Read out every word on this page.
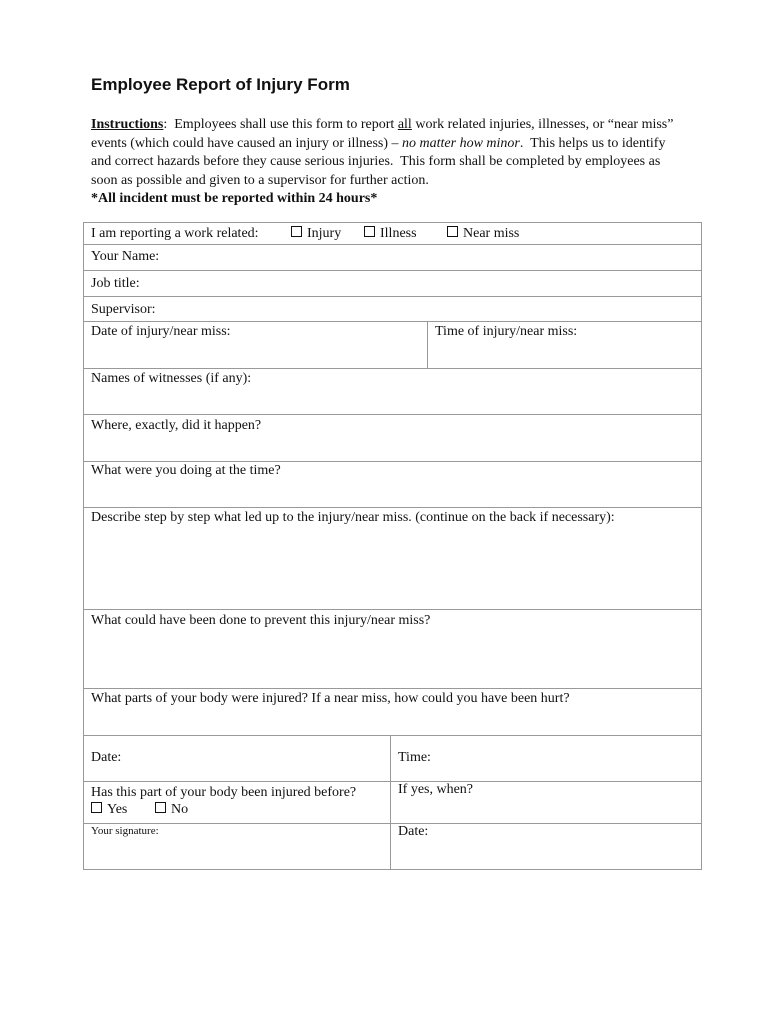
Employee Report of Injury Form
Instructions:  Employees shall use this form to report all work related injuries, illnesses, or “near miss” events (which could have caused an injury or illness) – no matter how minor.  This helps us to identify and correct hazards before they cause serious injuries.  This form shall be completed by employees as soon as possible and given to a supervisor for further action.
*All incident must be reported within 24 hours*
I am reporting a work related:	Injury	Illness	Near miss
Your Name:
Job title:
Supervisor:
Date of injury/near miss:	Time of injury/near miss:
Names of witnesses (if any):
Where, exactly, did it happen?
What were you doing at the time?
Describe step by step what led up to the injury/near miss. (continue on the back if necessary):
What could have been done to prevent this injury/near miss?
What parts of your body were injured? If a near miss, how could you have been hurt?
Date:	Time:
Has this part of your body been injured before?
Yes	No
If yes, when?
Your signature:	Date:
